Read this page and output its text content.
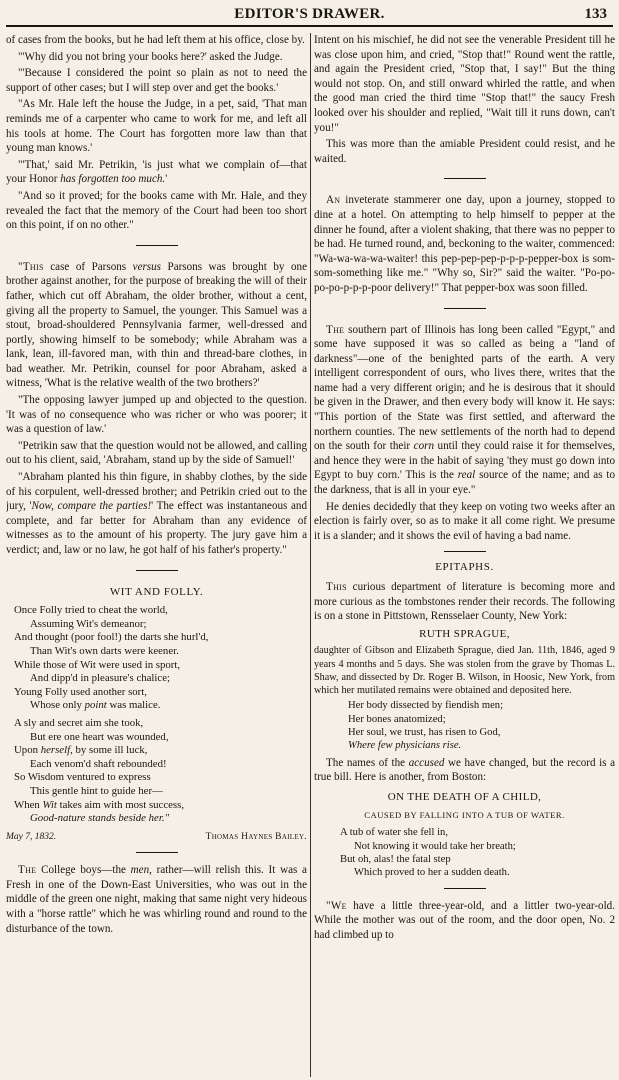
EDITOR'S DRAWER.	133

of cases from the books, but he had left them at his office, close by.

"'Why did you not bring your books here?' asked the Judge.

"'Because I considered the point so plain as not to need the support of other cases; but I will step over and get the books.'

"As Mr. Hale left the house the Judge, in a pet, said, 'That man reminds me of a carpenter who came to work for me, and left all his tools at home. The Court has forgotten more law than that young man knows.'

"'That,' said Mr. Petrikin, 'is just what we complain of—that your Honor has forgotten too much.'

"And so it proved; for the books came with Mr. Hale, and they revealed the fact that the memory of the Court had been too short on this point, if on no other."

"This case of Parsons versus Parsons was brought by one brother against another, for the purpose of breaking the will of their father, which cut off Abraham, the older brother, without a cent, giving all the property to Samuel, the younger. This Samuel was a stout, broad-shouldered Pennsylvania farmer, well-dressed and portly, showing himself to be somebody; while Abraham was a lank, lean, ill-favored man, with thin and thread-bare clothes, in bad weather. Mr. Petrikin, counsel for poor Abraham, asked a witness, 'What is the relative wealth of the two brothers?'

"The opposing lawyer jumped up and objected to the question. 'It was of no consequence who was richer or who was poorer; it was a question of law.'

"Petrikin saw that the question would not be allowed, and calling out to his client, said, 'Abraham, stand up by the side of Samuel!'

"Abraham planted his thin figure, in shabby clothes, by the side of his corpulent, well-dressed brother; and Petrikin cried out to the jury, 'Now, compare the parties!' The effect was instantaneous and complete, and far better for Abraham than any evidence of witnesses as to the amount of his property. The jury gave him a verdict; and, law or no law, he got half of his father's property."

WIT AND FOLLY.
Once Folly tried to cheat the world,
Assuming Wit's demeanor;
And thought (poor fool!) the darts she hurl'd,
Than Wit's own darts were keener.
While those of Wit were used in sport,
And dipp'd in pleasure's chalice;
Young Folly used another sort,
Whose only point was malice.
A sly and secret aim she took,
But ere one heart was wounded,
Upon herself, by some ill luck,
Each venom'd shaft rebounded!
So Wisdom ventured to express
This gentle hint to guide her—
When Wit takes aim with most success,
Good-nature stands beside her."
May 7, 1832.	Thomas Haynes Bailey.

The College boys—the men, rather—will relish this. It was a Fresh in one of the Down-East Universities, who was out in the middle of the green one night, making that same night very hideous with a "horse rattle" which he was whirling round and round to the disturbance of the town.

Intent on his mischief, he did not see the venerable President till he was close upon him, and cried, "Stop that!" Round went the rattle, and again the President cried, "Stop that, I say!" But the thing would not stop. On, and still onward whirled the rattle, and when the good man cried the third time "Stop that!" the saucy Fresh looked over his shoulder and replied, "Wait till it runs down, can't you!"

This was more than the amiable President could resist, and he waited.

An inveterate stammerer one day, upon a journey, stopped to dine at a hotel. On attempting to help himself to pepper at the dinner he found, after a violent shaking, that there was no pepper to be had. He turned round, and, beckoning to the waiter, commenced: "Wa-wa-wa-wa-waiter! this pep-pep-pep-p-p-p-pepper-box is som-som-something like me." "Why so, Sir?" said the waiter. "Po-po-po-po-p-p-p-poor delivery!" That pepper-box was soon filled.

The southern part of Illinois has long been called "Egypt," and some have supposed it was so called as being a "land of darkness"—one of the benighted parts of the earth. A very intelligent correspondent of ours, who lives there, writes that the name had a very different origin; and he is desirous that it should be given in the Drawer, and then every body will know it. He says: "This portion of the State was first settled, and afterward the northern counties. The new settlements of the north had to depend on the south for their corn until they could raise it for themselves, and hence they were in the habit of saying 'they must go down into Egypt to buy corn.' This is the real source of the name; and as to the darkness, that is all in your eye."

He denies decidedly that they keep on voting two weeks after an election is fairly over, so as to make it all come right. We presume it is a slander; and it shows the evil of having a bad name.

EPITAPHS.

This curious department of literature is becoming more and more curious as the tombstones render their records. The following is on a stone in Pittstown, Rensselaer County, New York:

RUTH SPRAGUE,

daughter of Gibson and Elizabeth Sprague, died Jan. 11th, 1846, aged 9 years 4 months and 5 days. She was stolen from the grave by Thomas L. Shaw, and dissected by Dr. Roger B. Wilson, in Hoosic, New York, from which her mutilated remains were obtained and deposited here.

Her body dissected by fiendish men;
Her bones anatomized;
Her soul, we trust, has risen to God,
Where few physicians rise.

The names of the accused we have changed, but the record is a true bill. Here is another, from Boston:

ON THE DEATH OF A CHILD,
CAUSED BY FALLING INTO A TUB OF WATER.
A tub of water she fell in,
Not knowing it would take her breath;
But oh, alas! the fatal step
Which proved to her a sudden death.

"We have a little three-year-old, and a littler two-year-old. While the mother was out of the room, and the door open, No. 2 had climbed up to
